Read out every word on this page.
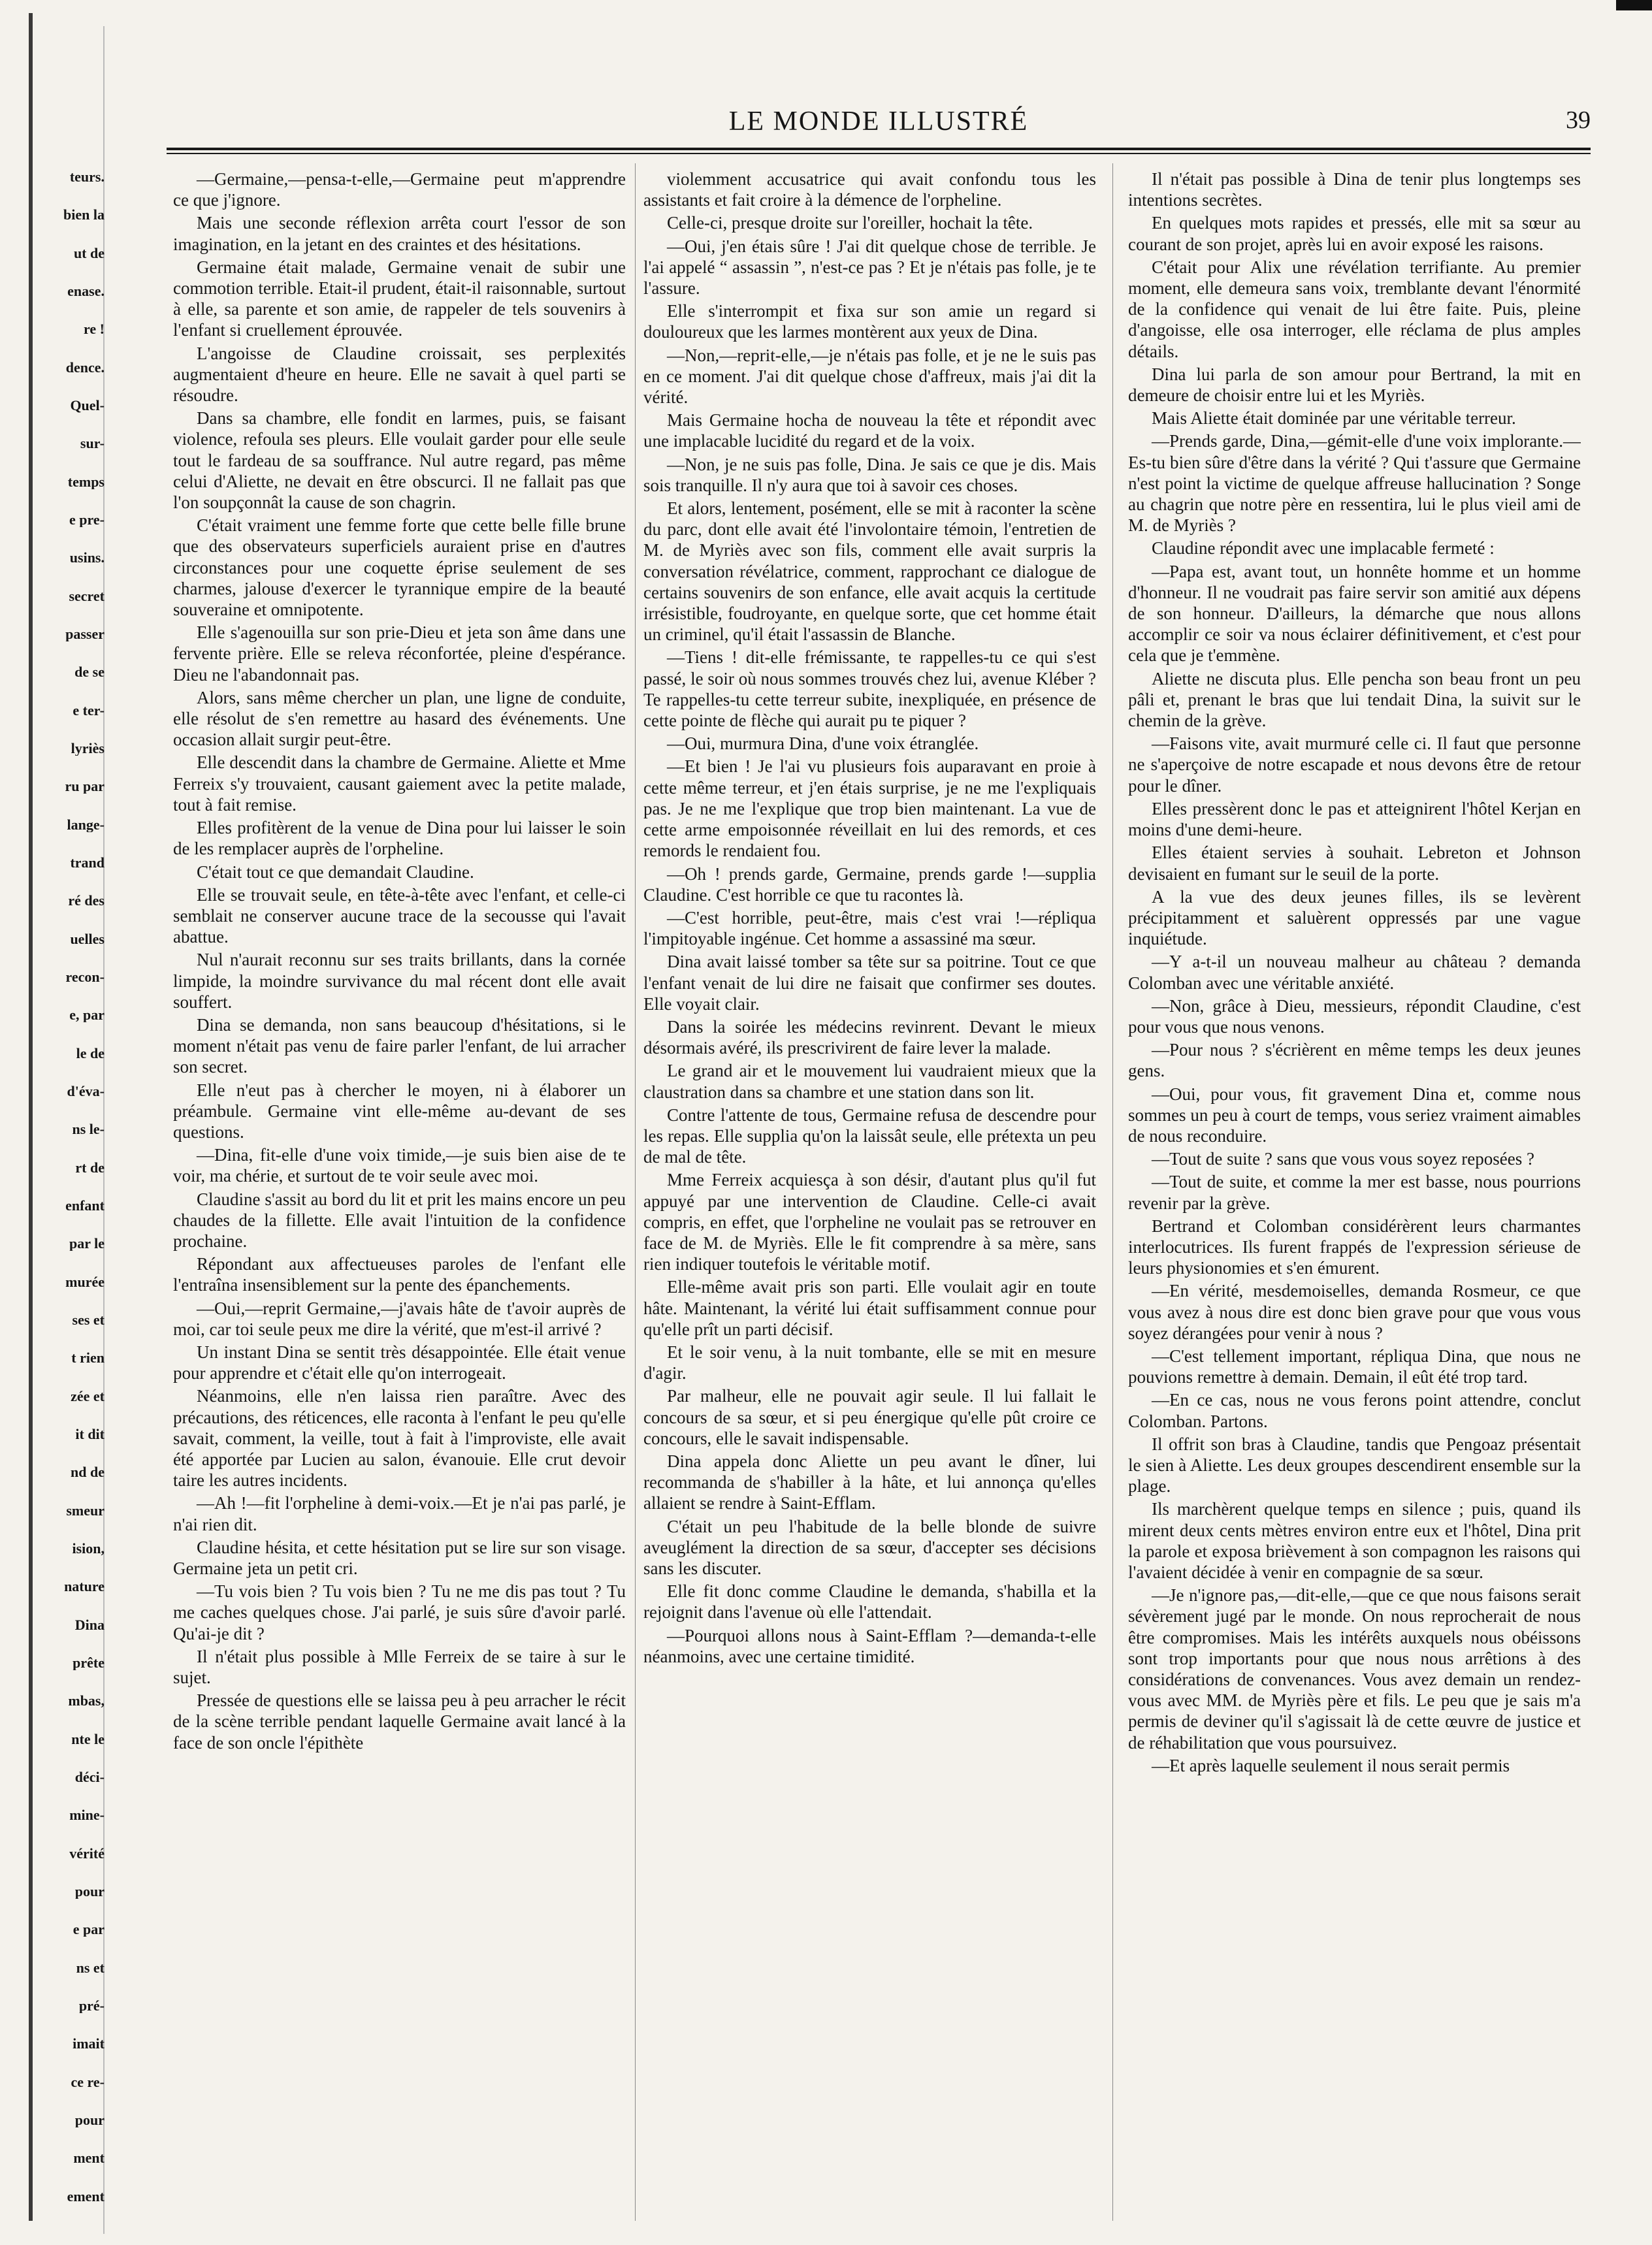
teurs.
bien la
ut de
enase.
re !
dence.
Quel-
sur-
temps
e pre-
usins.
secret
passer
de se
e ter-
lyriès
ru par
lange-
trand
ré des
uelles
recon-
e, par
le de
d'éva-
ns le-
rt de
enfant
par le
murée
ses et
t rien
zée et
it dit
nd de
smeur
ision,
nature
Dina
prête
mbas,
nte le
déci-
mine-
vérité
pour
e par
ns et
pré-
imait
ce re-
pour
ment
ement
LE MONDE ILLUSTRÉ	39

—Germaine,—pensa-t-elle,—Germaine peut m'apprendre ce que j'ignore.

Mais une seconde réflexion arrêta court l'essor de son imagination, en la jetant en des craintes et des hésitations.

Germaine était malade, Germaine venait de subir une commotion terrible. Etait-il prudent, était-il raisonnable, surtout à elle, sa parente et son amie, de rappeler de tels souvenirs à l'enfant si cruellement éprouvée.

L'angoisse de Claudine croissait, ses perplexités augmentaient d'heure en heure. Elle ne savait à quel parti se résoudre.

Dans sa chambre, elle fondit en larmes, puis, se faisant violence, refoula ses pleurs. Elle voulait garder pour elle seule tout le fardeau de sa souffrance. Nul autre regard, pas même celui d'Aliette, ne devait en être obscurci. Il ne fallait pas que l'on soupçonnât la cause de son chagrin.

C'était vraiment une femme forte que cette belle fille brune que des observateurs superficiels auraient prise en d'autres circonstances pour une coquette éprise seulement de ses charmes, jalouse d'exercer le tyrannique empire de la beauté souveraine et omnipotente.

Elle s'agenouilla sur son prie-Dieu et jeta son âme dans une fervente prière. Elle se releva réconfortée, pleine d'espérance. Dieu ne l'abandonnait pas.

Alors, sans même chercher un plan, une ligne de conduite, elle résolut de s'en remettre au hasard des événements. Une occasion allait surgir peut-être.

Elle descendit dans la chambre de Germaine. Aliette et Mme Ferreix s'y trouvaient, causant gaiement avec la petite malade, tout à fait remise.

Elles profitèrent de la venue de Dina pour lui laisser le soin de les remplacer auprès de l'orpheline.

C'était tout ce que demandait Claudine.

Elle se trouvait seule, en tête-à-tête avec l'enfant, et celle-ci semblait ne conserver aucune trace de la secousse qui l'avait abattue.

Nul n'aurait reconnu sur ses traits brillants, dans la cornée limpide, la moindre survivance du mal récent dont elle avait souffert.

Dina se demanda, non sans beaucoup d'hésitations, si le moment n'était pas venu de faire parler l'enfant, de lui arracher son secret.

Elle n'eut pas à chercher le moyen, ni à élaborer un préambule. Germaine vint elle-même au-devant de ses questions.

—Dina, fit-elle d'une voix timide,—je suis bien aise de te voir, ma chérie, et surtout de te voir seule avec moi.

Claudine s'assit au bord du lit et prit les mains encore un peu chaudes de la fillette. Elle avait l'intuition de la confidence prochaine.

Répondant aux affectueuses paroles de l'enfant elle l'entraîna insensiblement sur la pente des épanchements.

—Oui,—reprit Germaine,—j'avais hâte de t'avoir auprès de moi, car toi seule peux me dire la vérité, que m'est-il arrivé ?

Un instant Dina se sentit très désappointée. Elle était venue pour apprendre et c'était elle qu'on interrogeait.

Néanmoins, elle n'en laissa rien paraître. Avec des précautions, des réticences, elle raconta à l'enfant le peu qu'elle savait, comment, la veille, tout à fait à l'improviste, elle avait été apportée par Lucien au salon, évanouie. Elle crut devoir taire les autres incidents.

—Ah !—fit l'orpheline à demi-voix.—Et je n'ai pas parlé, je n'ai rien dit.

Claudine hésita, et cette hésitation put se lire sur son visage. Germaine jeta un petit cri.

—Tu vois bien ? Tu vois bien ? Tu ne me dis pas tout ? Tu me caches quelques chose. J'ai parlé, je suis sûre d'avoir parlé. Qu'ai-je dit ?

Il n'était plus possible à Mlle Ferreix de se taire à sur le sujet.

Pressée de questions elle se laissa peu à peu arracher le récit de la scène terrible pendant laquelle Germaine avait lancé à la face de son oncle l'épithète

violemment accusatrice qui avait confondu tous les assistants et fait croire à la démence de l'orpheline.

Celle-ci, presque droite sur l'oreiller, hochait la tête.

—Oui, j'en étais sûre ! J'ai dit quelque chose de terrible. Je l'ai appelé “ assassin ”, n'est-ce pas ? Et je n'étais pas folle, je te l'assure.

Elle s'interrompit et fixa sur son amie un regard si douloureux que les larmes montèrent aux yeux de Dina.

—Non,—reprit-elle,—je n'étais pas folle, et je ne le suis pas en ce moment. J'ai dit quelque chose d'affreux, mais j'ai dit la vérité.

Mais Germaine hocha de nouveau la tête et répondit avec une implacable lucidité du regard et de la voix.

—Non, je ne suis pas folle, Dina. Je sais ce que je dis. Mais sois tranquille. Il n'y aura que toi à savoir ces choses.

Et alors, lentement, posément, elle se mit à raconter la scène du parc, dont elle avait été l'involontaire témoin, l'entretien de M. de Myriès avec son fils, comment elle avait surpris la conversation révélatrice, comment, rapprochant ce dialogue de certains souvenirs de son enfance, elle avait acquis la certitude irrésistible, foudroyante, en quelque sorte, que cet homme était un criminel, qu'il était l'assassin de Blanche.

—Tiens ! dit-elle frémissante, te rappelles-tu ce qui s'est passé, le soir où nous sommes trouvés chez lui, avenue Kléber ? Te rappelles-tu cette terreur subite, inexpliquée, en présence de cette pointe de flèche qui aurait pu te piquer ?

—Oui, murmura Dina, d'une voix étranglée.

—Et bien ! Je l'ai vu plusieurs fois auparavant en proie à cette même terreur, et j'en étais surprise, je ne me l'expliquais pas. Je ne me l'explique que trop bien maintenant. La vue de cette arme empoisonnée réveillait en lui des remords, et ces remords le rendaient fou.

—Oh ! prends garde, Germaine, prends garde !—supplia Claudine. C'est horrible ce que tu racontes là.

—C'est horrible, peut-être, mais c'est vrai !—répliqua l'impitoyable ingénue. Cet homme a assassiné ma sœur.

Dina avait laissé tomber sa tête sur sa poitrine. Tout ce que l'enfant venait de lui dire ne faisait que confirmer ses doutes. Elle voyait clair.

Dans la soirée les médecins revinrent. Devant le mieux désormais avéré, ils prescrivirent de faire lever la malade.

Le grand air et le mouvement lui vaudraient mieux que la claustration dans sa chambre et une station dans son lit.

Contre l'attente de tous, Germaine refusa de descendre pour les repas. Elle supplia qu'on la laissât seule, elle prétexta un peu de mal de tête.

Mme Ferreix acquiesça à son désir, d'autant plus qu'il fut appuyé par une intervention de Claudine. Celle-ci avait compris, en effet, que l'orpheline ne voulait pas se retrouver en face de M. de Myriès. Elle le fit comprendre à sa mère, sans rien indiquer toutefois le véritable motif.

Elle-même avait pris son parti. Elle voulait agir en toute hâte. Maintenant, la vérité lui était suffisamment connue pour qu'elle prît un parti décisif.

Et le soir venu, à la nuit tombante, elle se mit en mesure d'agir.

Par malheur, elle ne pouvait agir seule. Il lui fallait le concours de sa sœur, et si peu énergique qu'elle pût croire ce concours, elle le savait indispensable.

Dina appela donc Aliette un peu avant le dîner, lui recommanda de s'habiller à la hâte, et lui annonça qu'elles allaient se rendre à Saint-Efflam.

C'était un peu l'habitude de la belle blonde de suivre aveuglément la direction de sa sœur, d'accepter ses décisions sans les discuter.

Elle fit donc comme Claudine le demanda, s'habilla et la rejoignit dans l'avenue où elle l'attendait.

—Pourquoi allons nous à Saint-Efflam ?—demanda-t-elle néanmoins, avec une certaine timidité.

Il n'était pas possible à Dina de tenir plus longtemps ses intentions secrètes.

En quelques mots rapides et pressés, elle mit sa sœur au courant de son projet, après lui en avoir exposé les raisons.

C'était pour Alix une révélation terrifiante. Au premier moment, elle demeura sans voix, tremblante devant l'énormité de la confidence qui venait de lui être faite. Puis, pleine d'angoisse, elle osa interroger, elle réclama de plus amples détails.

Dina lui parla de son amour pour Bertrand, la mit en demeure de choisir entre lui et les Myriès.

Mais Aliette était dominée par une véritable terreur.

—Prends garde, Dina,—gémit-elle d'une voix implorante.—Es-tu bien sûre d'être dans la vérité ? Qui t'assure que Germaine n'est point la victime de quelque affreuse hallucination ? Songe au chagrin que notre père en ressentira, lui le plus vieil ami de M. de Myriès ?

Claudine répondit avec une implacable fermeté :

—Papa est, avant tout, un honnête homme et un homme d'honneur. Il ne voudrait pas faire servir son amitié aux dépens de son honneur. D'ailleurs, la démarche que nous allons accomplir ce soir va nous éclairer définitivement, et c'est pour cela que je t'emmène.

Aliette ne discuta plus. Elle pencha son beau front un peu pâli et, prenant le bras que lui tendait Dina, la suivit sur le chemin de la grève.

—Faisons vite, avait murmuré celle ci. Il faut que personne ne s'aperçoive de notre escapade et nous devons être de retour pour le dîner.

Elles pressèrent donc le pas et atteignirent l'hôtel Kerjan en moins d'une demi-heure.

Elles étaient servies à souhait. Lebreton et Johnson devisaient en fumant sur le seuil de la porte.

A la vue des deux jeunes filles, ils se levèrent précipitamment et saluèrent oppressés par une vague inquiétude.

—Y a-t-il un nouveau malheur au château ? demanda Colomban avec une véritable anxiété.

—Non, grâce à Dieu, messieurs, répondit Claudine, c'est pour vous que nous venons.

—Pour nous ? s'écrièrent en même temps les deux jeunes gens.

—Oui, pour vous, fit gravement Dina et, comme nous sommes un peu à court de temps, vous seriez vraiment aimables de nous reconduire.

—Tout de suite ? sans que vous vous soyez reposées ?

—Tout de suite, et comme la mer est basse, nous pourrions revenir par la grève.

Bertrand et Colomban considérèrent leurs charmantes interlocutrices. Ils furent frappés de l'expression sérieuse de leurs physionomies et s'en émurent.

—En vérité, mesdemoiselles, demanda Rosmeur, ce que vous avez à nous dire est donc bien grave pour que vous vous soyez dérangées pour venir à nous ?

—C'est tellement important, répliqua Dina, que nous ne pouvions remettre à demain. Demain, il eût été trop tard.

—En ce cas, nous ne vous ferons point attendre, conclut Colomban. Partons.

Il offrit son bras à Claudine, tandis que Pengoaz présentait le sien à Aliette. Les deux groupes descendirent ensemble sur la plage.

Ils marchèrent quelque temps en silence ; puis, quand ils mirent deux cents mètres environ entre eux et l'hôtel, Dina prit la parole et exposa brièvement à son compagnon les raisons qui l'avaient décidée à venir en compagnie de sa sœur.

—Je n'ignore pas,—dit-elle,—que ce que nous faisons serait sévèrement jugé par le monde. On nous reprocherait de nous être compromises. Mais les intérêts auxquels nous obéissons sont trop importants pour que nous nous arrêtions à des considérations de convenances. Vous avez demain un rendez-vous avec MM. de Myriès père et fils. Le peu que je sais m'a permis de deviner qu'il s'agissait là de cette œuvre de justice et de réhabilitation que vous poursuivez.

—Et après laquelle seulement il nous serait permis
